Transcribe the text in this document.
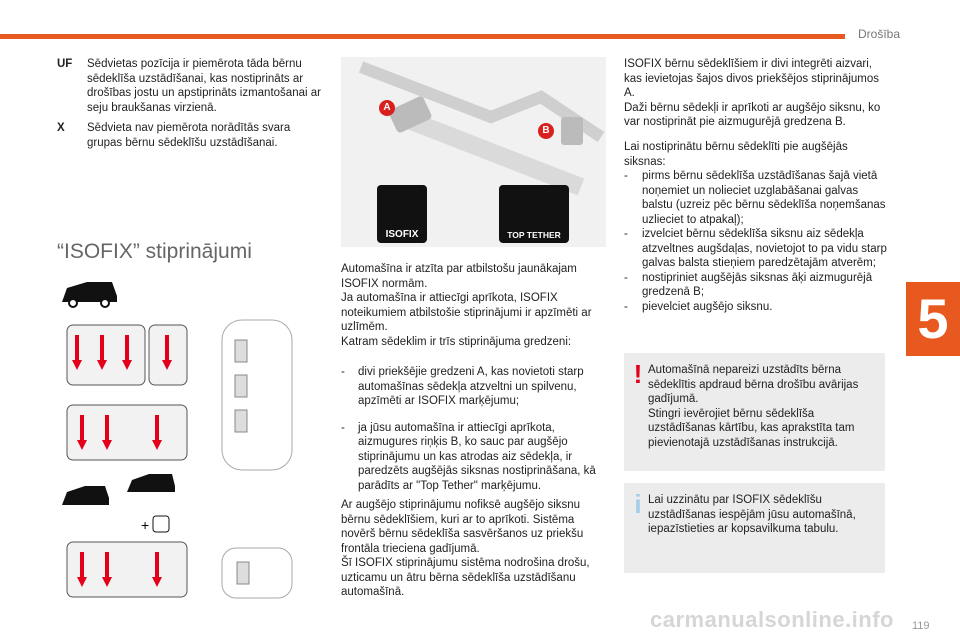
Drošība
5
119
carmanualsonline.info
UF	Sēdvietas pozīcija ir piemērota tāda bērnu sēdeklīša uzstādīšanai, kas nostiprināts ar drošības jostu un apstiprināts izmantošanai ar seju braukšanas virzienā.
X	Sēdvieta nav piemērota norādītās svara grupas bērnu sēdeklīšu uzstādīšanai.
“ISOFIX” stiprinājumi
+
A
B
ISOFIX	TOP TETHER
Automašīna ir atzīta par atbilstošu jaunākajam ISOFIX normām.
Ja automašīna ir attiecīgi aprīkota, ISOFIX noteikumiem atbilstošie stiprinājumi ir apzīmēti ar uzlīmēm.
Katram sēdeklim ir trīs stiprinājuma gredzeni:
-	divi priekšējie gredzeni A, kas novietoti starp automašīnas sēdekļa atzveltni un spilvenu, apzīmēti ar ISOFIX marķējumu;
-	ja jūsu automašīna ir attiecīgi aprīkota, aizmugures riņķis B, ko sauc par augšējo stiprinājumu un kas atrodas aiz sēdekļa, ir paredzēts augšējās siksnas nostiprināšana, kā parādīts ar "Top Tether" marķējumu.
Ar augšējo stiprinājumu nofiksē augšējo siksnu bērnu sēdeklīšiem, kuri ar to aprīkoti. Sistēma novērš bērnu sēdeklīša sasvēršanos uz priekšu frontāla trieciena gadījumā.
Šī ISOFIX stiprinājumu sistēma nodrošina drošu, uzticamu un ātru bērna sēdeklīša uzstādīšanu automašīnā.
ISOFIX bērnu sēdeklīšiem ir divi integrēti aizvari, kas ievietojas šajos divos priekšējos stiprinājumos A.
Daži bērnu sēdekļi ir aprīkoti ar augšējo siksnu, ko var nostiprināt pie aizmugurējā gredzena B.
Lai nostiprinātu bērnu sēdeklīti pie augšējās siksnas:
-	pirms bērnu sēdeklīša uzstādīšanas šajā vietā noņemiet un nolieciet uzglabāšanai galvas balstu (uzreiz pēc bērnu sēdeklīša noņemšanas uzlieciet to atpakaļ);
-	izvelciet bērnu sēdeklīša siksnu aiz sēdekļa atzveltnes augšdaļas, novietojot to pa vidu starp galvas balsta stieņiem paredzētajām atverēm;
-	nostipriniet augšējās siksnas āķi aizmugurējā gredzenā B;
-	pievelciet augšējo siksnu.
! Automašīnā nepareizi uzstādīts bērna sēdeklītis apdraud bērna drošību avārijas gadījumā.
Stingri ievērojiet bērnu sēdeklīša uzstādīšanas kārtību, kas aprakstīta tam pievienotajā uzstādīšanas instrukcijā.
i Lai uzzinātu par ISOFIX sēdeklīšu uzstādīšanas iespējām jūsu automašīnā, iepazīstieties ar kopsavilkuma tabulu.
